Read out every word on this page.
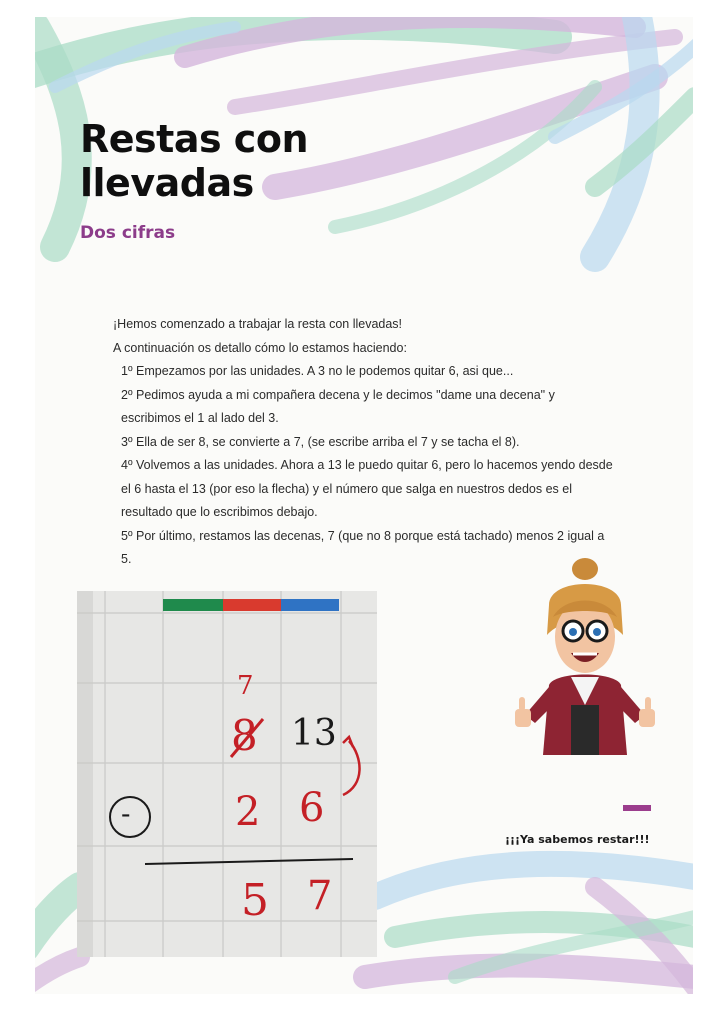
Restas con
llevadas
Dos cifras

¡Hemos comenzado a trabajar la resta con llevadas!

A continuación os detallo cómo lo estamos haciendo:

1º Empezamos por las unidades. A 3 no le podemos quitar 6, asi que...

2º Pedimos ayuda a mi compañera decena y le decimos "dame una decena" y escribimos el 1 al lado del 3.

3º Ella de ser 8, se convierte a 7, (se escribe arriba el 7 y se tacha el 8).

4º Volvemos a las unidades. Ahora a 13 le puedo quitar 6, pero lo hacemos yendo desde el 6 hasta el 13 (por eso la flecha) y el número que salga en nuestros dedos es el resultado que lo escribimos debajo.

5º Por último, restamos las decenas, 7 (que no 8 porque está tachado) menos 2 igual a 5.

7
8 13
-	2 6
5 7
¡¡¡Ya sabemos restar!!!
